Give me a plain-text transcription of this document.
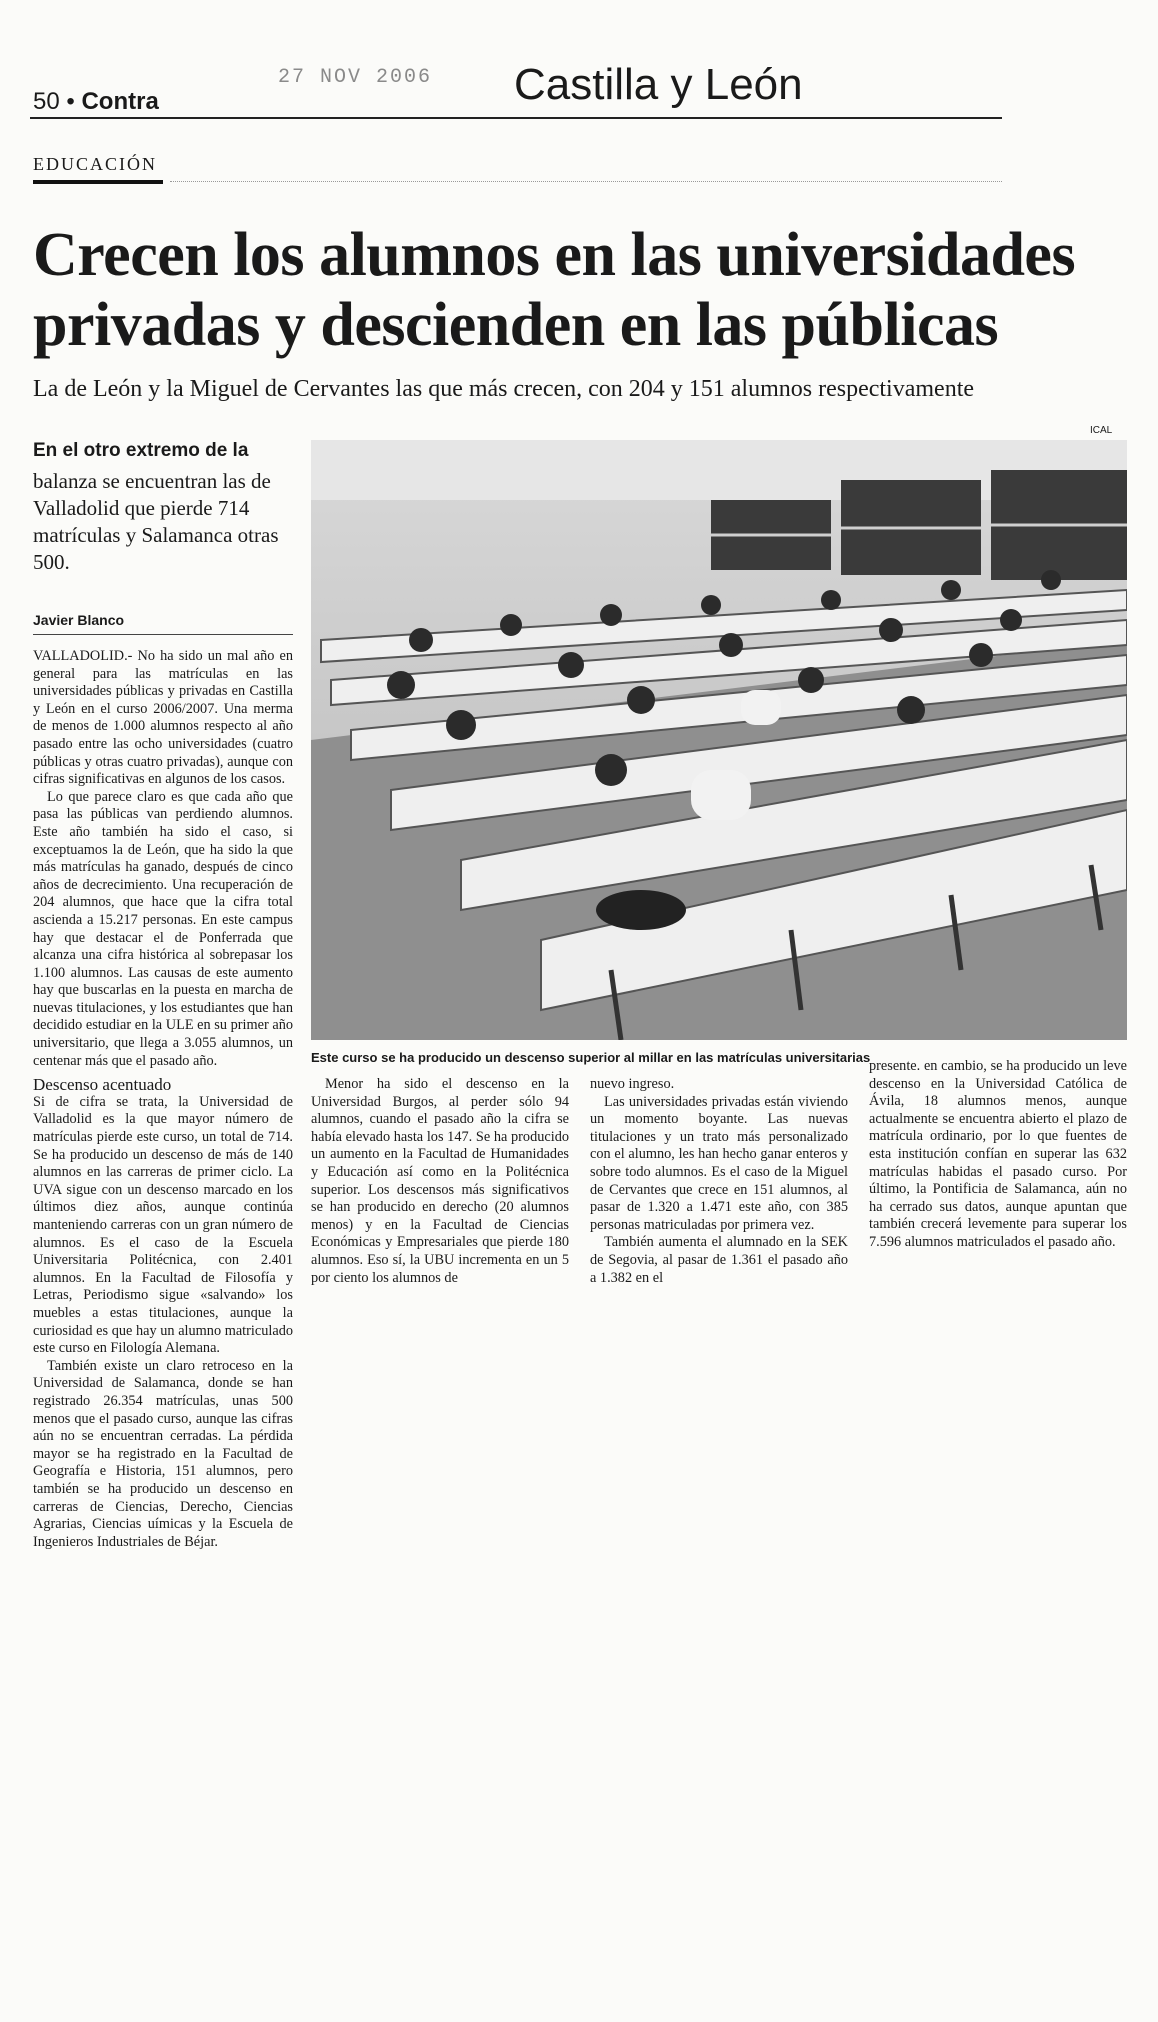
50 • Contra
27 NOV 2006 Castilla y León
EDUCACIÓN
Crecen los alumnos en las universidades privadas y descienden en las públicas
La de León y la Miguel de Cervantes las que más crecen, con 204 y 151 alumnos respectivamente
En el otro extremo de la
balanza se encuentran las de Valladolid que pierde 714 matrículas y Salamanca otras 500.
Javier Blanco
ICAL
Este curso se ha producido un descenso superior al millar en las matrículas universitarias

VALLADOLID.- No ha sido un mal año en general para las matrículas en las universidades públicas y privadas en Castilla y León en el curso 2006/2007. Una merma de menos de 1.000 alumnos respecto al año pasado entre las ocho universidades (cuatro públicas y otras cuatro privadas), aunque con cifras significativas en algunos de los casos.

Lo que parece claro es que cada año que pasa las públicas van perdiendo alumnos. Este año también ha sido el caso, si exceptuamos la de León, que ha sido la que más matrículas ha ganado, después de cinco años de decrecimiento. Una recuperación de 204 alumnos, que hace que la cifra total ascienda a 15.217 personas. En este campus hay que destacar el de Ponferrada que alcanza una cifra histórica al sobrepasar los 1.100 alumnos. Las causas de este aumento hay que buscarlas en la puesta en marcha de nuevas titulaciones, y los estudiantes que han decidido estudiar en la ULE en su primer año universitario, que llega a 3.055 alumnos, un centenar más que el pasado año.

Descenso acentuado

Si de cifra se trata, la Universidad de Valladolid es la que mayor número de matrículas pierde este curso, un total de 714. Se ha producido un descenso de más de 140 alumnos en las carreras de primer ciclo. La UVA sigue con un descenso marcado en los últimos diez años, aunque continúa manteniendo carreras con un gran número de alumnos. Es el caso de la Escuela Universitaria Politécnica, con 2.401 alumnos. En la Facultad de Filosofía y Letras, Periodismo sigue «salvando» los muebles a estas titulaciones, aunque la curiosidad es que hay un alumno matriculado este curso en Filología Alemana.

También existe un claro retroceso en la Universidad de Salamanca, donde se han registrado 26.354 matrículas, unas 500 menos que el pasado curso, aunque las cifras aún no se encuentran cerradas. La pérdida mayor se ha registrado en la Facultad de Geografía e Historia, 151 alumnos, pero también se ha producido un descenso en carreras de Ciencias, Derecho, Ciencias Agrarias, Ciencias uímicas y la Escuela de Ingenieros Industriales de Béjar.

Menor ha sido el descenso en la Universidad Burgos, al perder sólo 94 alumnos, cuando el pasado año la cifra se había elevado hasta los 147. Se ha producido un aumento en la Facultad de Humanidades y Educación así como en la Politécnica superior. Los descensos más significativos se han producido en derecho (20 alumnos menos) y en la Facultad de Ciencias Económicas y Empresariales que pierde 180 alumnos. Eso sí, la UBU incrementa en un 5 por ciento los alumnos de

nuevo ingreso.

Las universidades privadas están viviendo un momento boyante. Las nuevas titulaciones y un trato más personalizado con el alumno, les han hecho ganar enteros y sobre todo alumnos. Es el caso de la Miguel de Cervantes que crece en 151 alumnos, al pasar de 1.320 a 1.471 este año, con 385 personas matriculadas por primera vez.

También aumenta el alumnado en la SEK de Segovia, al pasar de 1.361 el pasado año a 1.382 en el

presente. en cambio, se ha producido un leve descenso en la Universidad Católica de Ávila, 18 alumnos menos, aunque actualmente se encuentra abierto el plazo de matrícula ordinario, por lo que fuentes de esta institución confían en superar las 632 matrículas habidas el pasado curso. Por último, la Pontificia de Salamanca, aún no ha cerrado sus datos, aunque apuntan que también crecerá levemente para superar los 7.596 alumnos matriculados el pasado año.
